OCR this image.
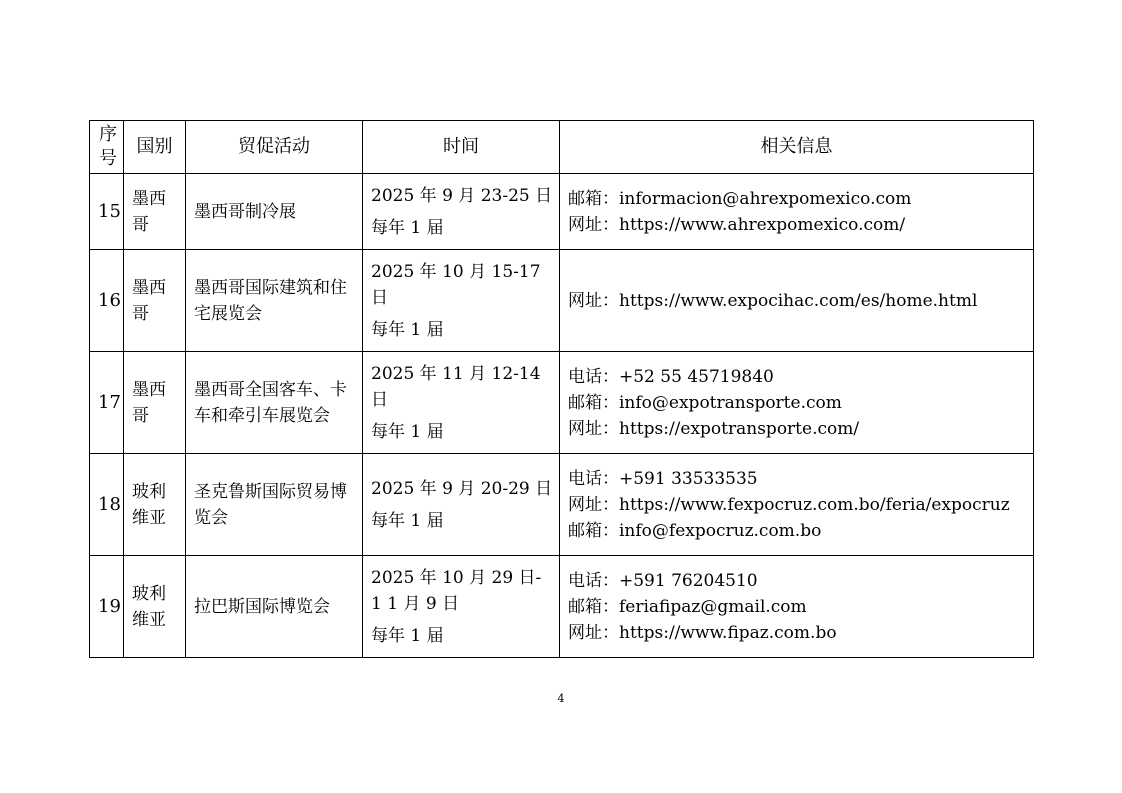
序号	国别	贸促活动	时间	相关信息
15	墨西哥	墨西哥制冷展	2025 年 9 月 23-25 日
每年 1 届	邮箱：informacion@ahrexpomexico.com
网址：https://www.ahrexpomexico.com/

16	墨西哥	墨西哥国际建筑和住宅展览会	2025 年 10 月 15-17 日
每年 1 届	网址：https://www.expocihac.com/es/home.html

17	墨西哥	墨西哥全国客车、卡车和牵引车展览会	2025 年 11 月 12-14 日
每年 1 届	电话：+52 55 45719840
邮箱：info@expotransporte.com
网址：https://expotransporte.com/

18	玻利维亚	圣克鲁斯国际贸易博览会	2025 年 9 月 20-29 日
每年 1 届	电话：+591 33533535
网址：https://www.fexpocruz.com.bo/feria/expocruz
邮箱：info@fexpocruz.com.bo

19	玻利维亚	拉巴斯国际博览会	2025 年 10 月 29 日-1 1 月 9 日
每年 1 届	电话：+591 76204510
邮箱：feriafipaz@gmail.com
网址：https://www.fipaz.com.bo
4
